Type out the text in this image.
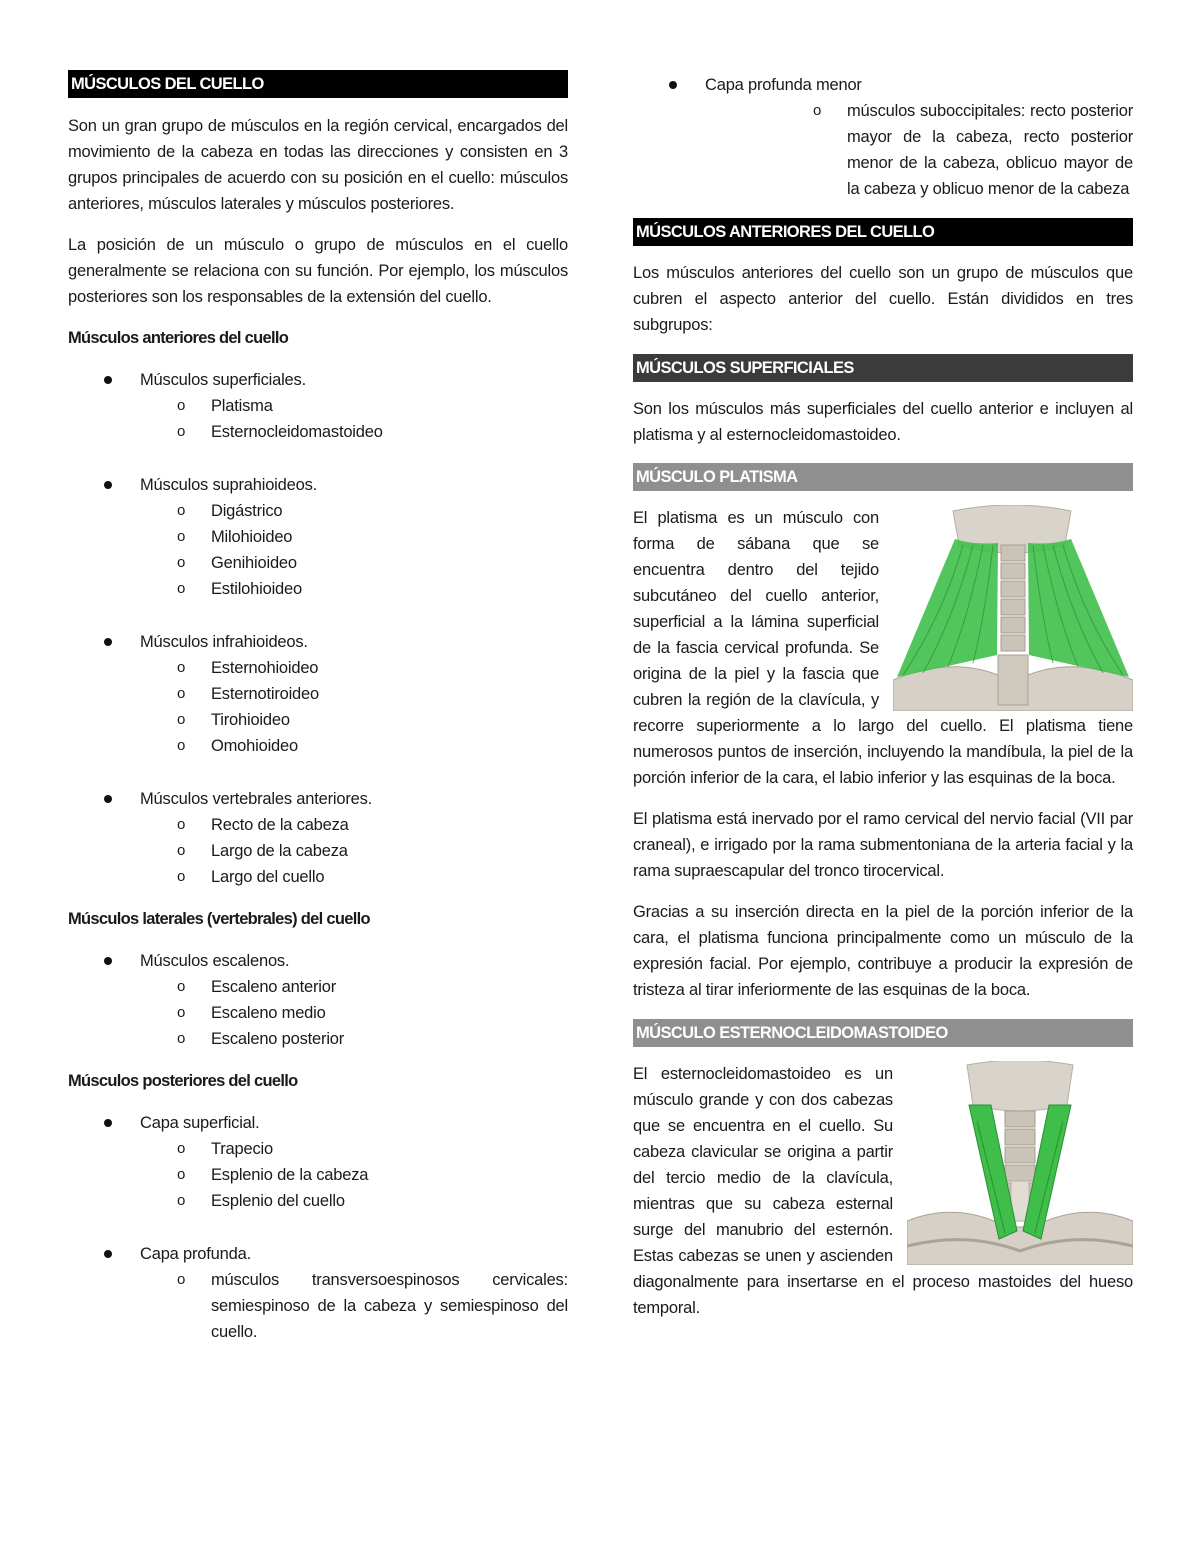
MÚSCULOS DEL CUELLO

Son un gran grupo de músculos en la región cervical, encargados del movimiento de la cabeza en todas las direcciones y consisten en 3 grupos principales de acuerdo con su posición en el cuello: músculos anteriores, músculos laterales y músculos posteriores.

La posición de un músculo o grupo de músculos en el cuello generalmente se relaciona con su función. Por ejemplo, los músculos posteriores son los responsables de la extensión del cuello.

Músculos anteriores del cuello

Músculos superficiales.
o Platisma
o Esternocleidomastoideo
Músculos suprahioideos.
o Digástrico
o Milohioideo
o Genihioideo
o Estilohioideo
Músculos infrahioideos.
o Esternohioideo
o Esternotiroideo
o Tirohioideo
o Omohioideo
Músculos vertebrales anteriores.
o Recto de la cabeza
o Largo de la cabeza
o Largo del cuello

Músculos laterales (vertebrales) del cuello

Músculos escalenos.
o Escaleno anterior
o Escaleno medio
o Escaleno posterior

Músculos posteriores del cuello

Capa superficial.
o Trapecio
o Esplenio de la cabeza
o Esplenio del cuello
Capa profunda.
o músculos transversoespinosos cervicales: semiespinoso de la cabeza y semiespinoso del cuello.
Capa profunda menor
o músculos suboccipitales: recto posterior mayor de la cabeza, recto posterior menor de la cabeza, oblicuo mayor de la cabeza y oblicuo menor de la cabeza
MÚSCULOS ANTERIORES DEL CUELLO

Los músculos anteriores del cuello son un grupo de músculos que cubren el aspecto anterior del cuello. Están divididos en tres subgrupos:

MÚSCULOS SUPERFICIALES

Son los músculos más superficiales del cuello anterior e incluyen al platisma y al esternocleidomastoideo.

MÚSCULO PLATISMA

El platisma es un músculo con forma de sábana que se encuentra dentro del tejido subcutáneo del cuello anterior, superficial a la lámina superficial de la fascia cervical profunda. Se origina de la piel y la fascia que cubren la región de la clavícula, y recorre superiormente a lo largo del cuello. El platisma tiene numerosos puntos de inserción, incluyendo la mandíbula, la piel de la porción inferior de la cara, el labio inferior y las esquinas de la boca.

El platisma está inervado por el ramo cervical del nervio facial (VII par craneal), e irrigado por la rama submentoniana de la arteria facial y la rama supraescapular del tronco tirocervical.

Gracias a su inserción directa en la piel de la porción inferior de la cara, el platisma funciona principalmente como un músculo de la expresión facial. Por ejemplo, contribuye a producir la expresión de tristeza al tirar inferiormente de las esquinas de la boca.

MÚSCULO ESTERNOCLEIDOMASTOIDEO

El esternocleidomastoideo es un músculo grande y con dos cabezas que se encuentra en el cuello. Su cabeza clavicular se origina a partir del tercio medio de la clavícula, mientras que su cabeza esternal surge del manubrio del esternón. Estas cabezas se unen y ascienden diagonalmente para insertarse en el proceso mastoides del hueso temporal.
